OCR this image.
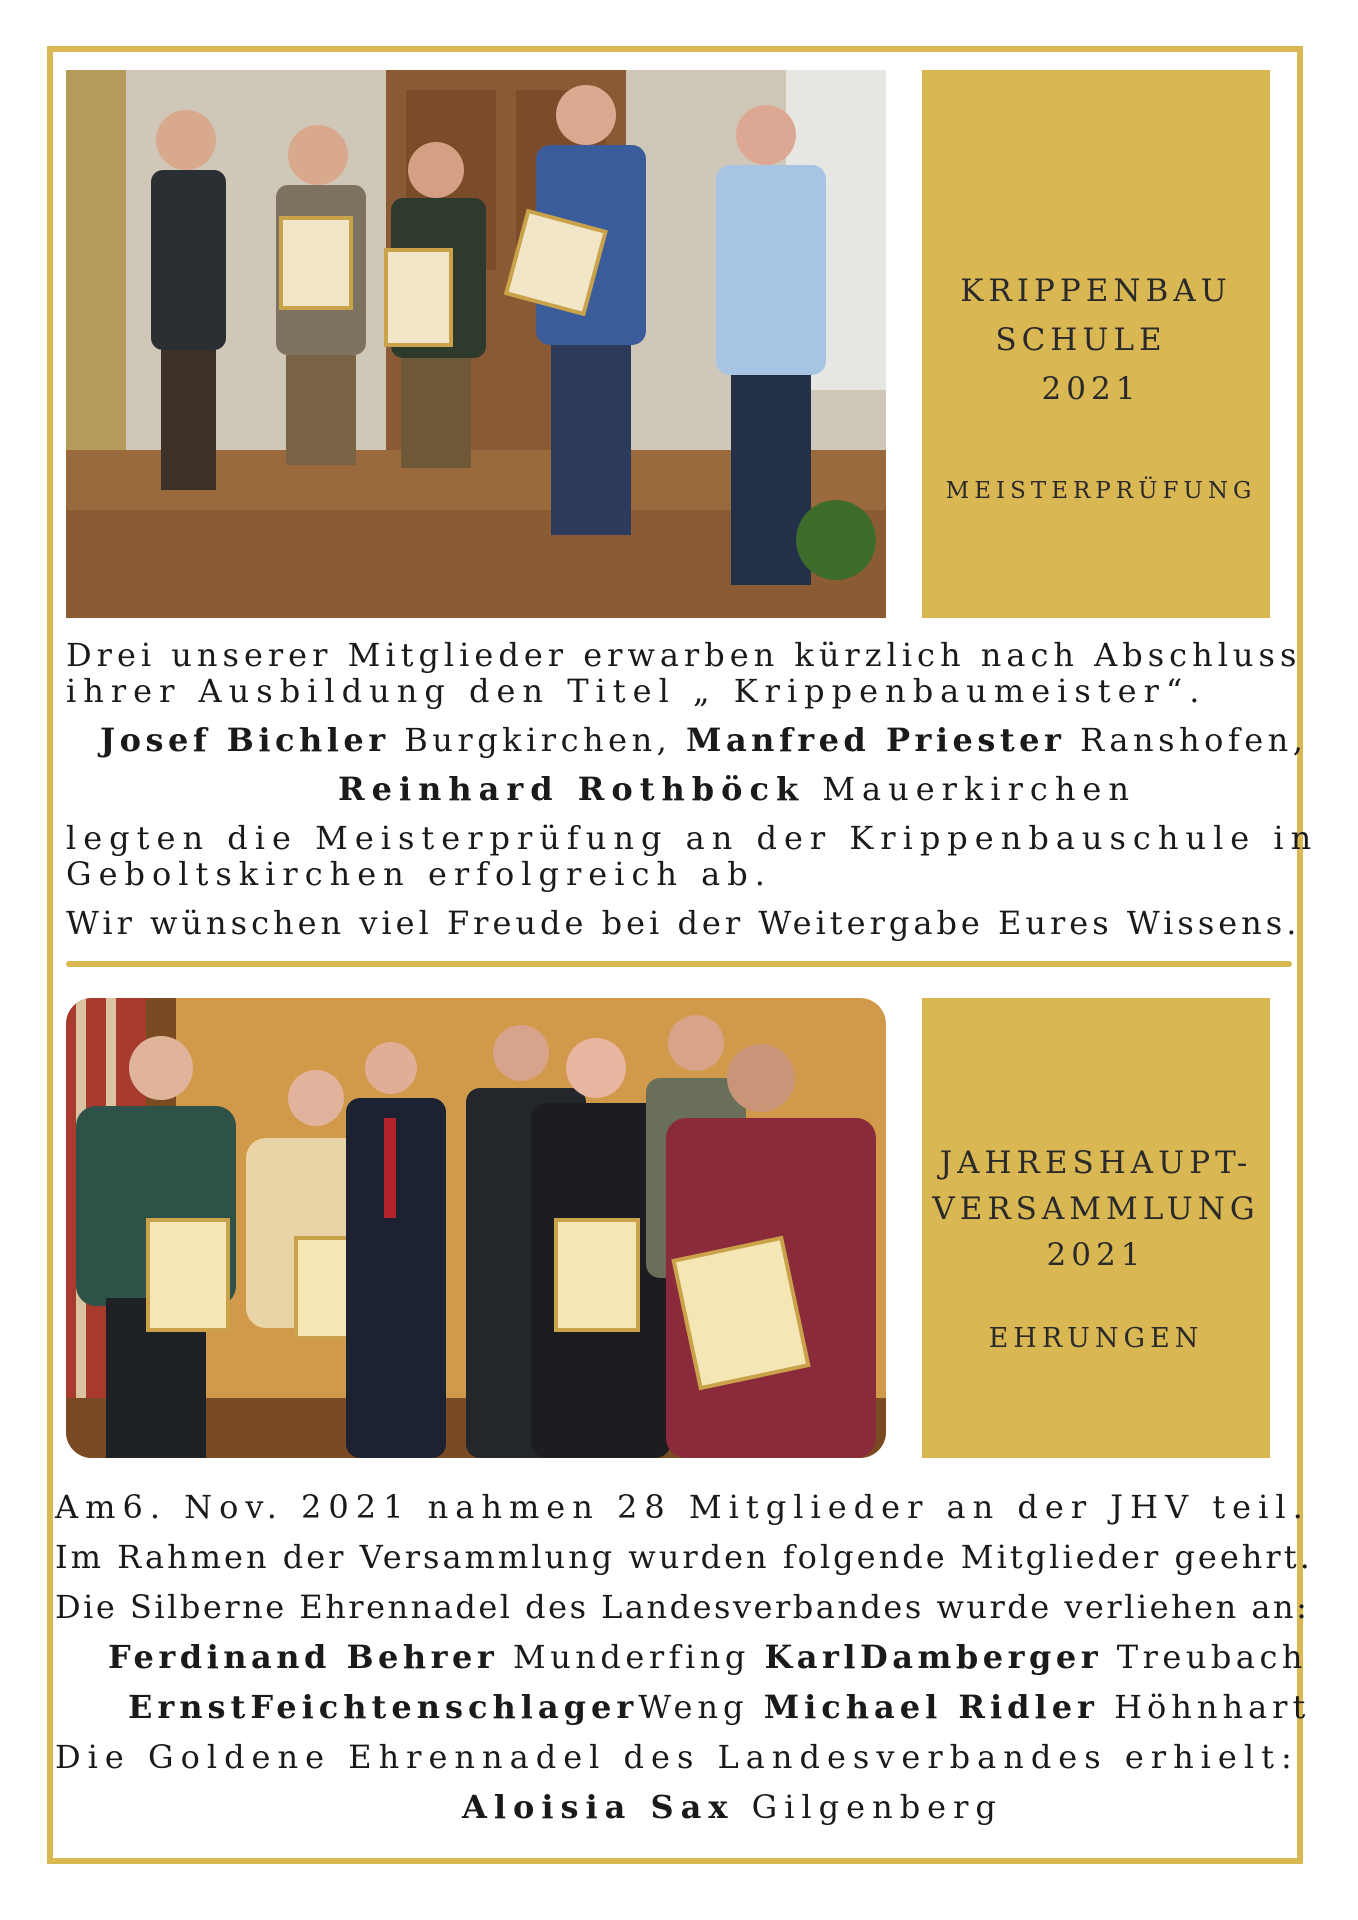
KRIPPENBAU
SCHULE
2021
MEISTERPRÜFUNG
Drei unserer Mitglieder erwarben kürzlich nach Abschluss
ihrer Ausbildung den Titel „ Krippenbaumeister“.
Josef Bichler Burgkirchen, Manfred Priester Ranshofen,
Reinhard Rothböck Mauerkirchen
legten die Meisterprüfung an der Krippenbauschule in
Geboltskirchen erfolgreich ab.
Wir wünschen viel Freude bei der Weitergabe Eures Wissens.
JAHRESHAUPT-
VERSAMMLUNG
2021
EHRUNGEN
Am6. Nov. 2021 nahmen 28 Mitglieder an der JHV teil.
Im Rahmen der Versammlung wurden folgende Mitglieder geehrt.
Die Silberne Ehrennadel des Landesverbandes wurde verliehen an:
Ferdinand Behrer Munderfing KarlDamberger Treubach
ErnstFeichtenschlagerWeng Michael Ridler Höhnhart
Die Goldene Ehrennadel des Landesverbandes erhielt:
Aloisia Sax Gilgenberg
